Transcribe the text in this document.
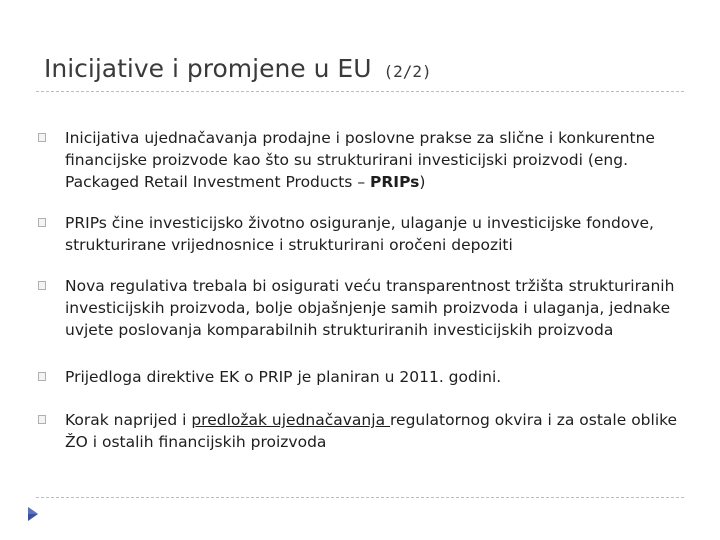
Inicijative i promjene u EU (2/2)
Inicijativa ujednačavanja prodajne i poslovne prakse za slične i konkurentne financijske proizvode kao što su strukturirani investicijski proizvodi (eng. Packaged Retail Investment Products – PRIPs)
PRIPs čine investicijsko životno osiguranje, ulaganje u investicijske fondove, strukturirane vrijednosnice i strukturirani oročeni depoziti
Nova regulativa trebala bi osigurati veću transparentnost tržišta strukturiranih investicijskih proizvoda, bolje objašnjenje samih proizvoda i ulaganja, jednake uvjete poslovanja komparabilnih strukturiranih investicijskih proizvoda
Prijedloga direktive EK o PRIP je planiran u 2011. godini.
Korak naprijed i predložak ujednačavanja regulatornog okvira i za ostale oblike ŽO i ostalih financijskih proizvoda
